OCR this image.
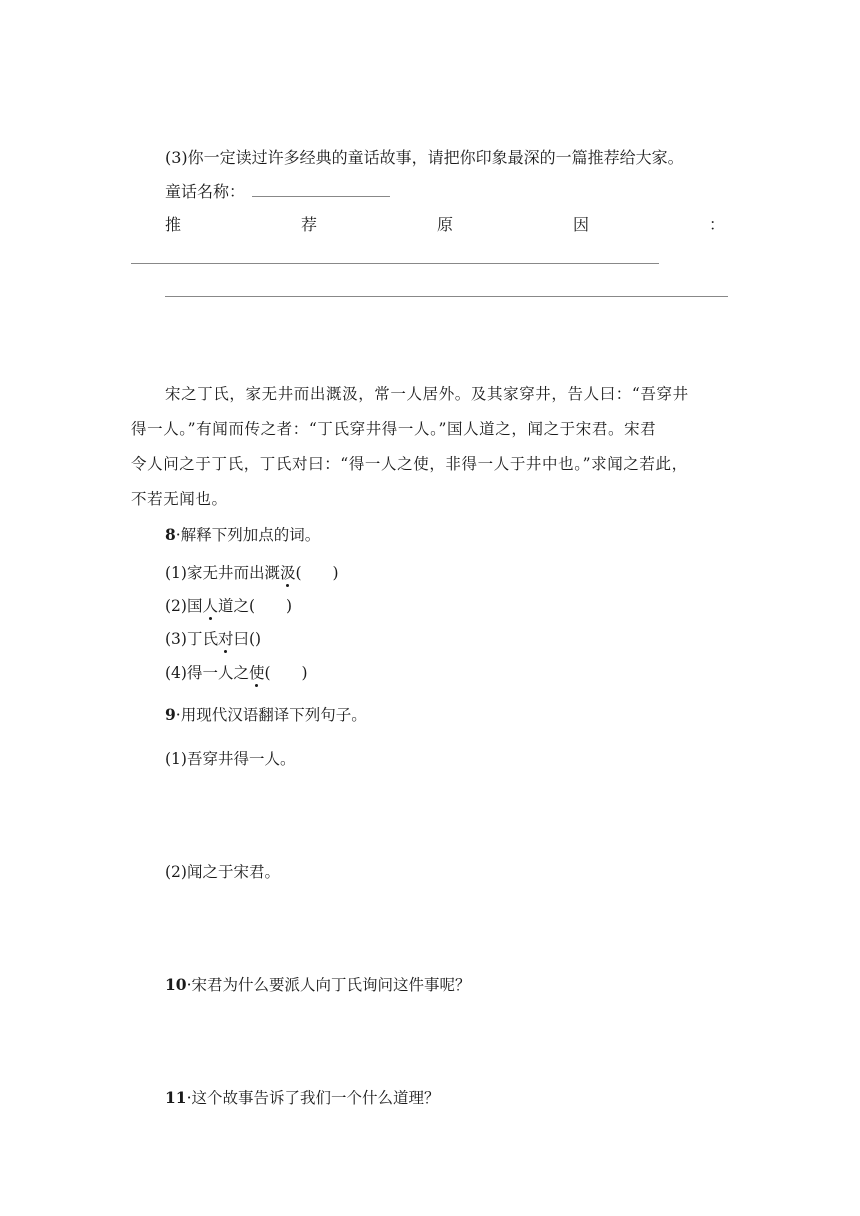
(3)你一定读过许多经典的童话故事，请把你印象最深的一篇推荐给大家。
童话名称：
推	荐	原	因	：
宋之丁氏，家无井而出溉汲，常一人居外。及其家穿井，告人曰：“吾穿井
得一人。”有闻而传之者：“丁氏穿井得一人。”国人道之，闻之于宋君。宋君
令人问之于丁氏，丁氏对曰：“得一人之使，非得一人于井中也。”求闻之若此，
不若无闻也。
8·解释下列加点的词。
(1)家无井而出溉汲(　　)
(2)国人道之(　　)
(3)丁氏对曰()
(4)得一人之使(　　)
9·用现代汉语翻译下列句子。
(1)吾穿井得一人。
(2)闻之于宋君。
10·宋君为什么要派人向丁氏询问这件事呢？
11·这个故事告诉了我们一个什么道理？
